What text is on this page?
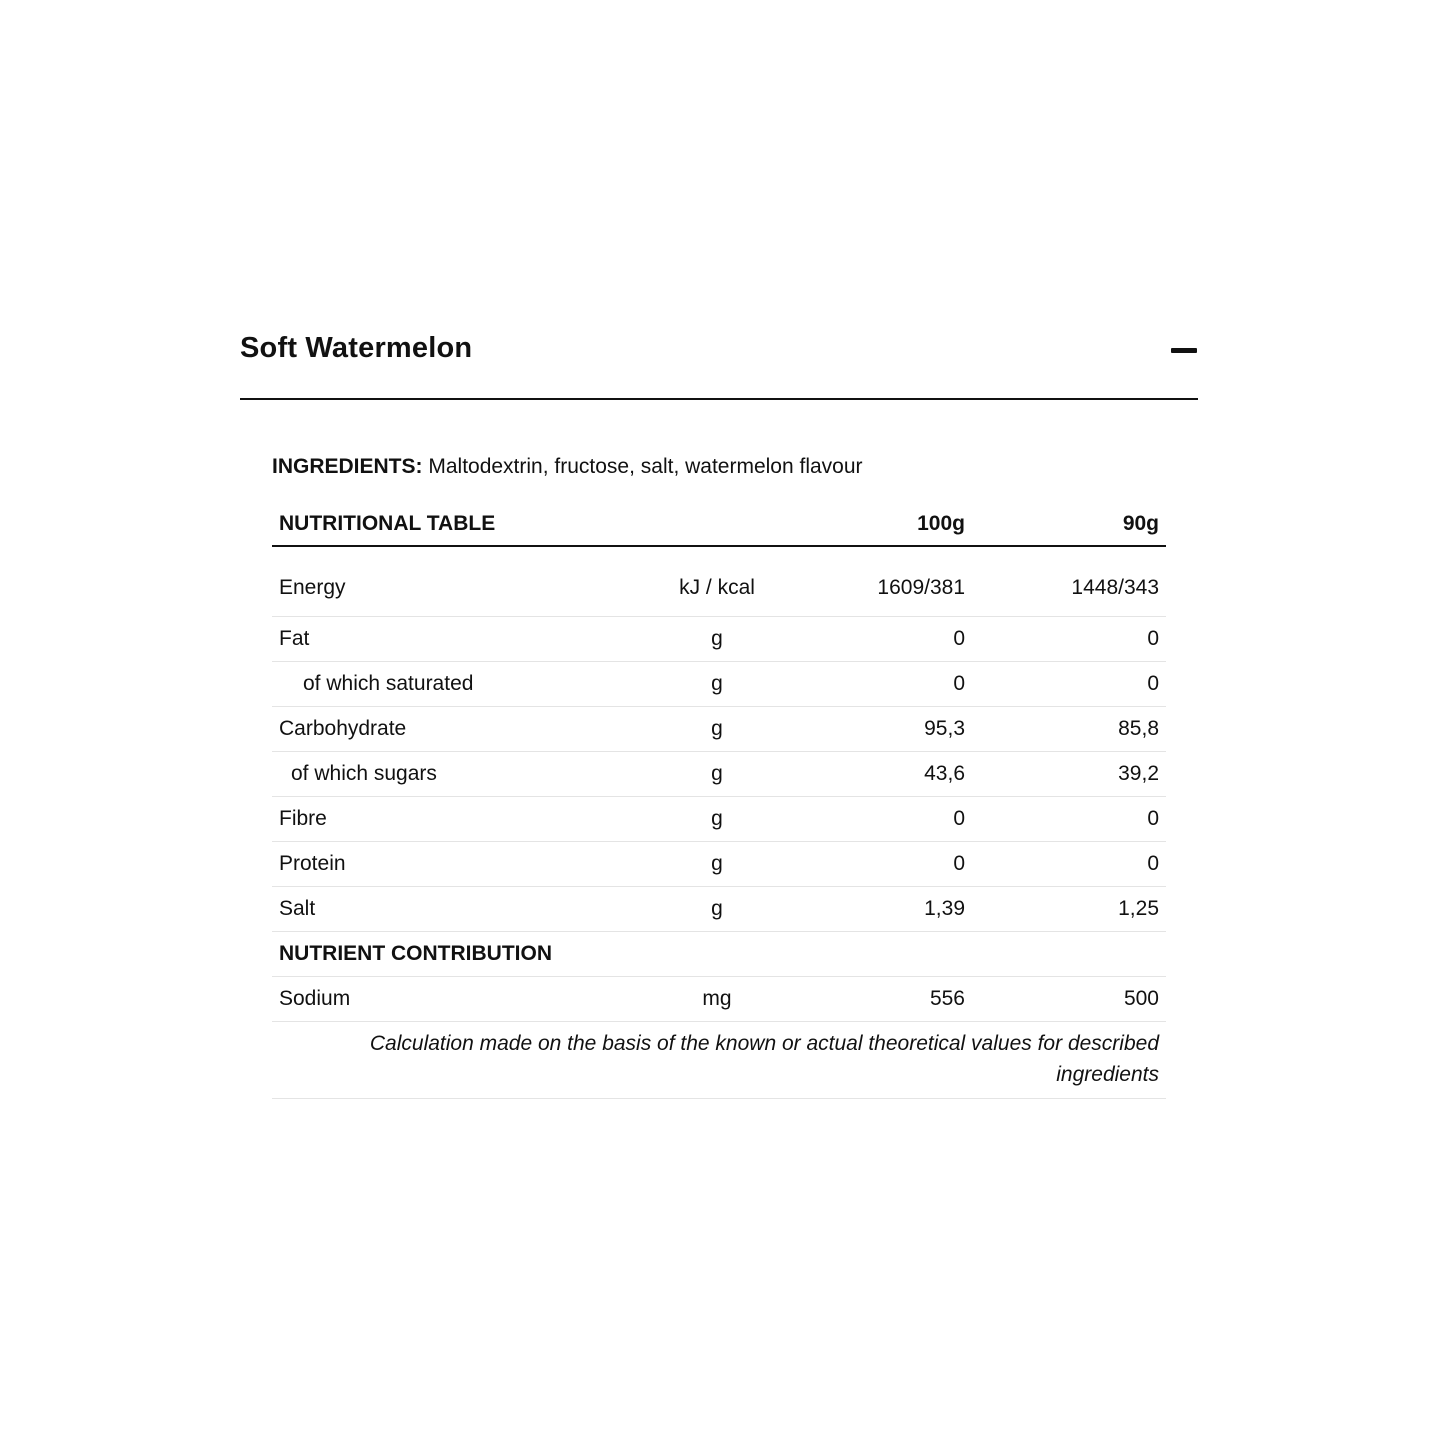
Soft Watermelon
INGREDIENTS: Maltodextrin, fructose, salt, watermelon flavour
NUTRITIONAL TABLE		100g	90g
Energy	kJ / kcal	1609/381	1448/343
Fat	g	0	0
of which saturated	g	0	0
Carbohydrate	g	95,3	85,8
of which sugars	g	43,6	39,2
Fibre	g	0	0
Protein	g	0	0
Salt	g	1,39	1,25
NUTRIENT CONTRIBUTION			
Sodium	mg	556	500
Calculation made on the basis of the known or actual theoretical values for described ingredients			
